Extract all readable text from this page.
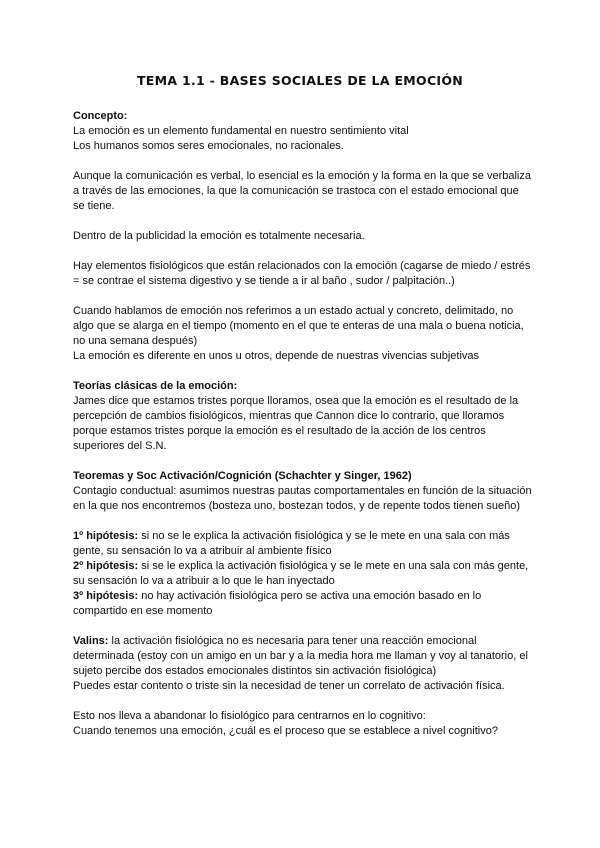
TEMA 1.1 - BASES SOCIALES DE LA EMOCIÓN

Concepto:

La emoción es un elemento fundamental en nuestro sentimiento vital

Los humanos somos seres emocionales, no racionales.

Aunque la comunicación es verbal, lo esencial es la emoción y la forma en la que se verbaliza a través de las emociones, la que la comunicación se trastoca con el estado emocional que se tiene.

Dentro de la publicidad la emoción es totalmente necesaria.

Hay elementos fisiológicos que están relacionados con la emoción (cagarse de miedo / estrés = se contrae el sistema digestivo y se tiende a ir al baño , sudor / palpitación..)

Cuando hablamos de emoción nos referimos a un estado actual y concreto, delimitado, no algo que se alarga en el tiempo (momento en el que te enteras de una mala o buena noticia, no una semana después)

La emoción es diferente en unos u otros, depende de nuestras vivencias subjetivas

Teorías clásicas de la emoción:

James dice que estamos tristes porque lloramos, osea que la emoción es el resultado de la percepción de cambios fisiológicos, mientras que Cannon dice lo contrario, que lloramos porque estamos tristes porque la emoción es el resultado de la acción de los centros superiores del S.N.

Teoremas y Soc Activación/Cognición (Schachter y Singer, 1962)

Contagio conductual: asumimos nuestras pautas comportamentales en función de la situación en la que nos encontremos (bosteza uno, bostezan todos, y de repente todos tienen sueño)

1º hipótesis: si no se le explica la activación fisiológica y se le mete en una sala con más gente, su sensación lo va a atribuir al ambiente físico

2º hipótesis: si se le explica la activación fisiológica y se le mete en una sala con más gente, su sensación lo va a atribuir a lo que le han inyectado

3º hipótesis: no hay activación fisiológica pero se activa una emoción basado en lo compartido en ese momento

Valins: la activación fisiológica no es necesaria para tener una reacción emocional determinada (estoy con un amigo en un bar y a la media hora me llaman y voy al tanatorio, el sujeto percibe dos estados emocionales distintos sin activación fisiológica)

Puedes estar contento o triste sin la necesidad de tener un correlato de activación física.

Esto nos lleva a abandonar lo fisiológico para centrarnos en lo cognitivo:

Cuando tenemos una emoción, ¿cuál es el proceso que se establece a nivel cognitivo?
